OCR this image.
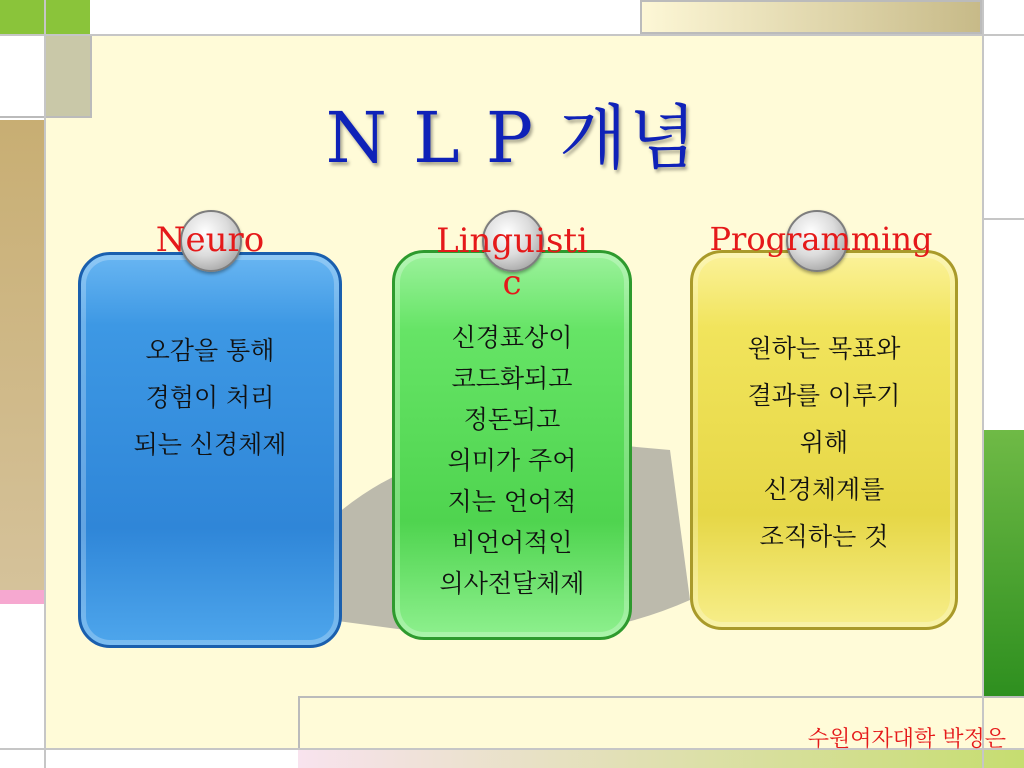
N L P 개념
오감을 통해
경험이 처리
되는 신경체제
Neuro
신경표상이
코드화되고
정돈되고
의미가 주어
지는 언어적
비언어적인
의사전달체제
Linguisti
c
원하는 목표와
결과를 이루기
위해
신경체계를
조직하는 것
Programming
수원여자대학 박정은
